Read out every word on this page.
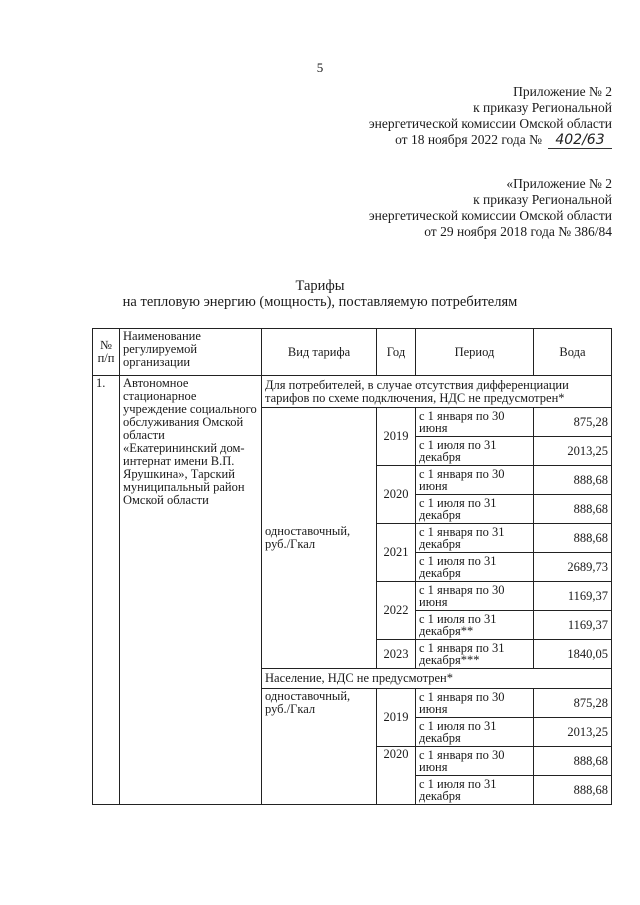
5
Приложение № 2
к приказу Региональной
энергетической комиссии Омской области
от 18 ноября 2022 года № 402/63
«Приложение № 2
к приказу Региональной
энергетической комиссии Омской области
от 29 ноября 2018 года № 386/84
Тарифы
на тепловую энергию (мощность), поставляемую потребителям
№ п/п	Наименование регулируемой организации	Вид тарифа	Год	Период	Вода
1.	Автономное стационарное учреждение социального обслуживания Омской области «Екатерининский дом-интернат имени В.П. Ярушкина», Тарский муниципальный район Омской области	Для потребителей, в случае отсутствия дифференциации тарифов по схеме подключения, НДС не предусмотрен*			
		одноставочный, руб./Гкал	2019	с 1 января по 30 июня	875,28
				с 1 июля по 31 декабря	2013,25
			2020	с 1 января по 30 июня	888,68
				с 1 июля по 31 декабря	888,68
			2021	с 1 января по 31 декабря	888,68
				с 1 июля по 31 декабря	2689,73
			2022	с 1 января по 30 июня	1169,37
				с 1 июля по 31 декабря**	1169,37
			2023	с 1 января по 31 декабря***	1840,05
		Население, НДС не предусмотрен*			
		одноставочный, руб./Гкал	2019	с 1 января по 30 июня	875,28
				с 1 июля по 31 декабря	2013,25
			2020	с 1 января по 30 июня	888,68
				с 1 июля по 31 декабря	888,68
